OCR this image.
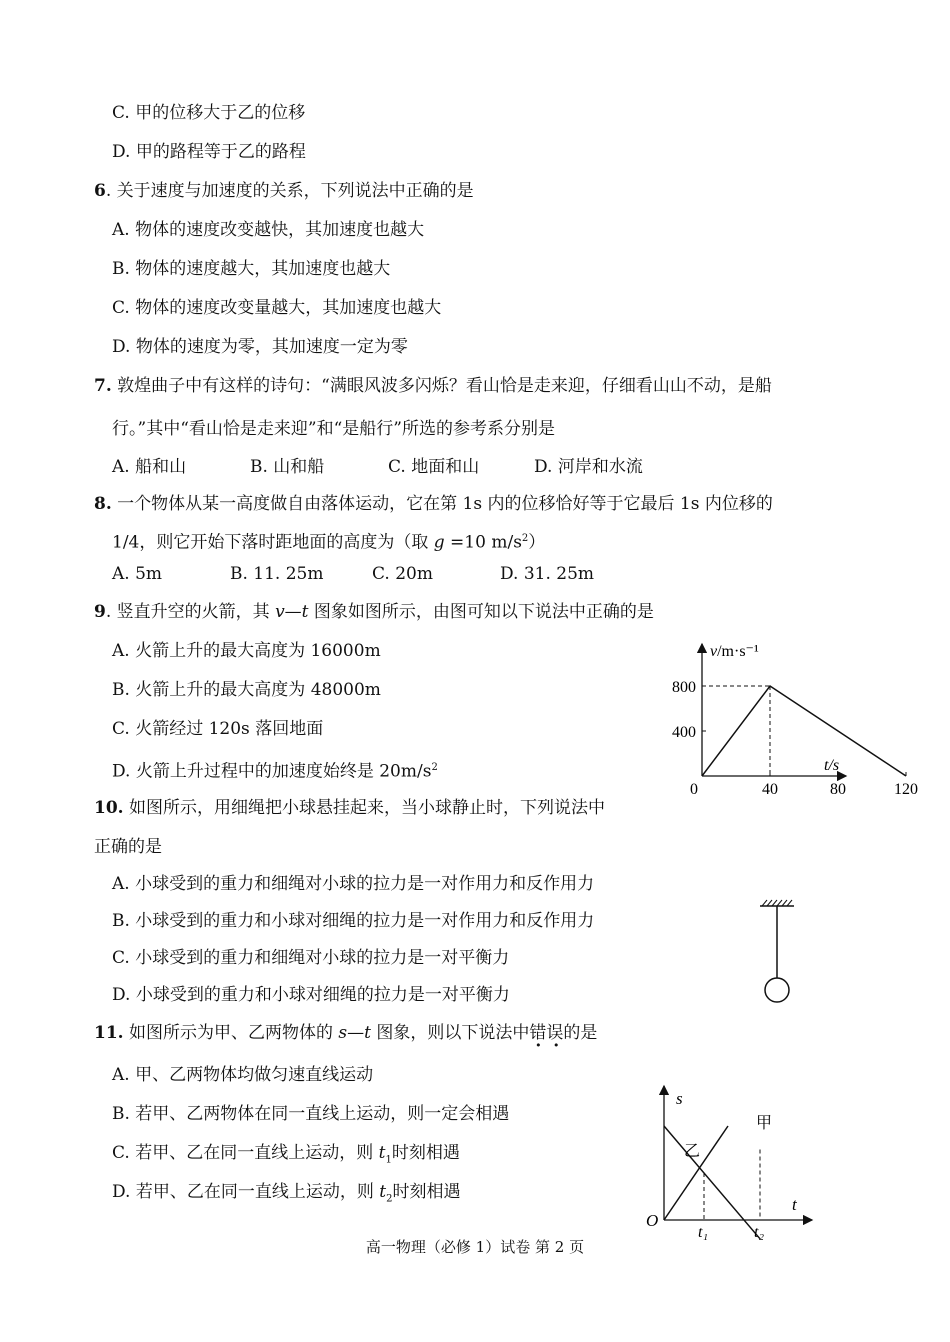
C. 甲的位移大于乙的位移
D. 甲的路程等于乙的路程
6. 关于速度与加速度的关系，下列说法中正确的是
A. 物体的速度改变越快，其加速度也越大
B. 物体的速度越大，其加速度也越大
C. 物体的速度改变量越大，其加速度也越大
D. 物体的速度为零，其加速度一定为零
7. 敦煌曲子中有这样的诗句：“满眼风波多闪烁？看山恰是走来迎，仔细看山山不动，是船
行。”其中“看山恰是走来迎”和“是船行”所选的参考系分别是
A. 船和山	B. 山和船	C. 地面和山	D. 河岸和水流
8. 一个物体从某一高度做自由落体运动，它在第 1s 内的位移恰好等于它最后 1s 内位移的
1/4，则它开始下落时距地面的高度为（取 g =10 $m/s^2$）
A. 5m	B. 11. 25m	C. 20m	D. 31. 25m
9. 竖直升空的火箭，其 v—t 图象如图所示，由图可知以下说法中正确的是
A. 火箭上升的最大高度为 16000m
B. 火箭上升的最大高度为 48000m
C. 火箭经过 120s 落回地面
D. 火箭上升过程中的加速度始终是 $20m/s^2$
0	40	80	120
400
800
v/m·s⁻¹
t/s
10. 如图所示，用细绳把小球悬挂起来，当小球静止时，下列说法中
正确的是
A. 小球受到的重力和细绳对小球的拉力是一对作用力和反作用力
B. 小球受到的重力和小球对细绳的拉力是一对作用力和反作用力
C. 小球受到的重力和细绳对小球的拉力是一对平衡力
D. 小球受到的重力和小球对细绳的拉力是一对平衡力
11. 如图所示为甲、乙两物体的 s—t 图象，则以下说法中错误 ··的是
A. 甲、乙两物体均做匀速直线运动
B. 若甲、乙两物体在同一直线上运动，则一定会相遇
C. 若甲、乙在同一直线上运动，则 $t_1$时刻相遇
D. 若甲、乙在同一直线上运动，则 $t_2$时刻相遇
s
t
O
甲
乙
t₁	t₂
高一物理（必修 1）试卷 第 2 页
